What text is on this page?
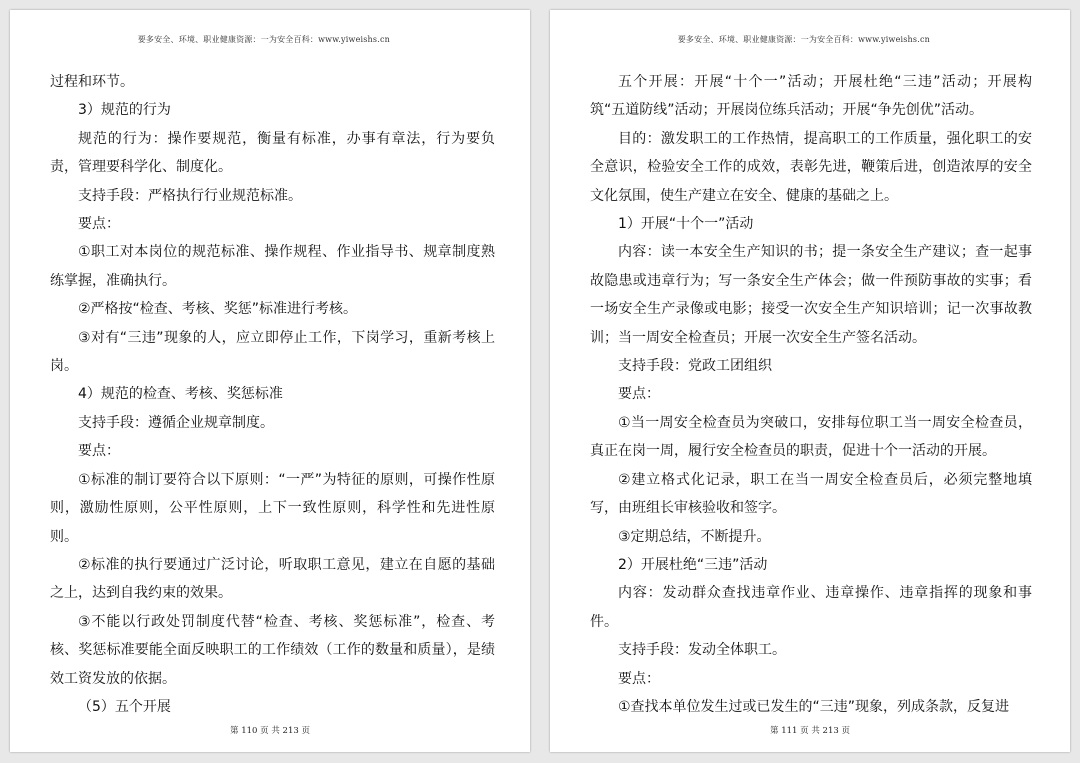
要多安全、环境、职业健康资源：一为安全百科：www.yiweishs.cn

过程和环节。

3）规范的行为

规范的行为：操作要规范，衡量有标准，办事有章法，行为要负责，管理要科学化、制度化。

支持手段：严格执行行业规范标准。

要点：

①职工对本岗位的规范标准、操作规程、作业指导书、规章制度熟练掌握，准确执行。

②严格按“检查、考核、奖惩”标准进行考核。

③对有“三违”现象的人，应立即停止工作，下岗学习，重新考核上岗。

4）规范的检查、考核、奖惩标准

支持手段：遵循企业规章制度。

要点：

①标准的制订要符合以下原则：“一严”为特征的原则，可操作性原则，激励性原则，公平性原则，上下一致性原则，科学性和先进性原则。

②标准的执行要通过广泛讨论，听取职工意见，建立在自愿的基础之上，达到自我约束的效果。

③不能以行政处罚制度代替“检查、考核、奖惩标准”，检查、考核、奖惩标准要能全面反映职工的工作绩效（工作的数量和质量），是绩效工资发放的依据。

（5）五个开展

第 110 页 共 213 页
要多安全、环境、职业健康资源：一为安全百科：www.yiweishs.cn

五个开展：开展“十个一”活动；开展杜绝“三违”活动；开展构筑“五道防线”活动；开展岗位练兵活动；开展“争先创优”活动。

目的：激发职工的工作热情，提高职工的工作质量，强化职工的安全意识，检验安全工作的成效，表彰先进，鞭策后进，创造浓厚的安全文化氛围，使生产建立在安全、健康的基础之上。

1）开展“十个一”活动

内容：读一本安全生产知识的书；提一条安全生产建议；查一起事故隐患或违章行为；写一条安全生产体会；做一件预防事故的实事；看一场安全生产录像或电影；接受一次安全生产知识培训；记一次事故教训；当一周安全检查员；开展一次安全生产签名活动。

支持手段：党政工团组织

要点：

①当一周安全检查员为突破口，安排每位职工当一周安全检查员，真正在岗一周，履行安全检查员的职责，促进十个一活动的开展。

②建立格式化记录，职工在当一周安全检查员后，必须完整地填写，由班组长审核验收和签字。

③定期总结，不断提升。

2）开展杜绝“三违”活动

内容：发动群众查找违章作业、违章操作、违章指挥的现象和事件。

支持手段：发动全体职工。

要点：

①查找本单位发生过或已发生的“三违”现象，列成条款，反复进

第 111 页 共 213 页
